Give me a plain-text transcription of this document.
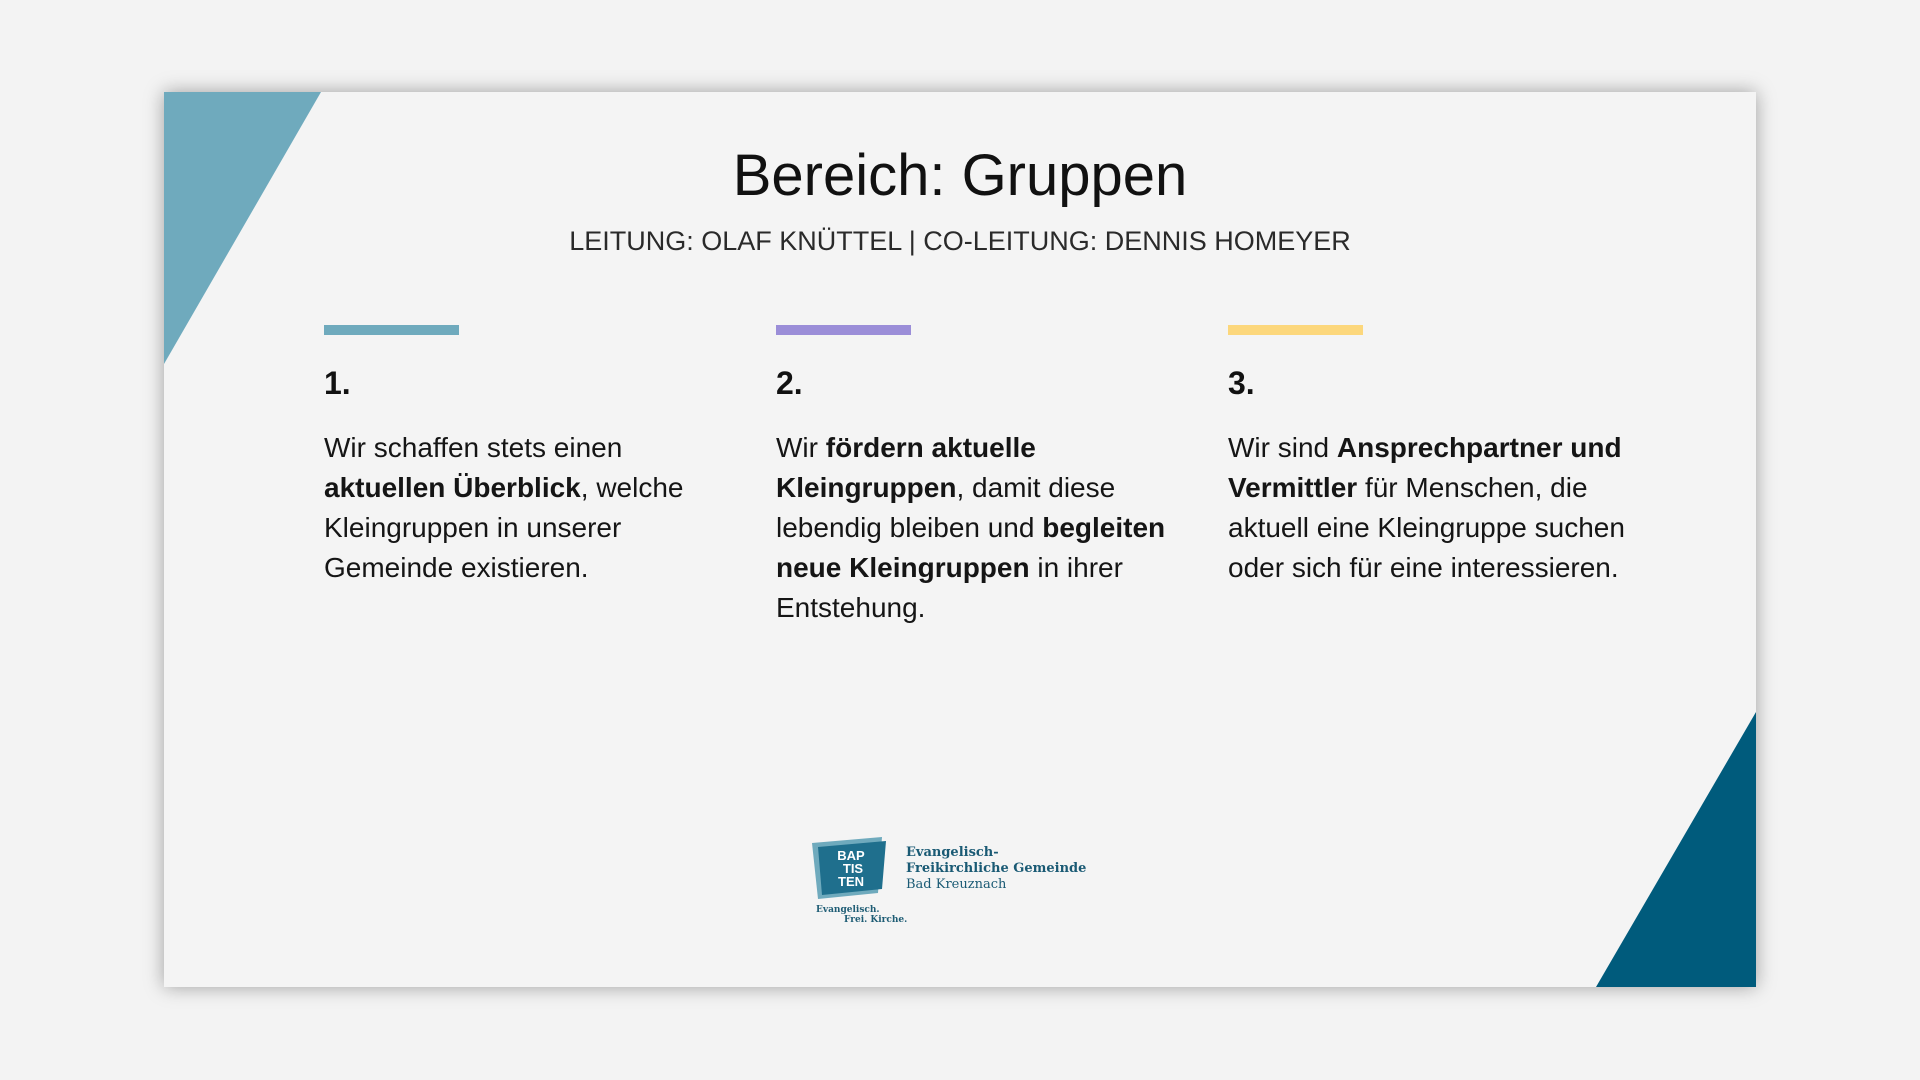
Bereich: Gruppen

LEITUNG: OLAF KNÜTTEL | CO-LEITUNG: DENNIS HOMEYER

1.
Wir schaffen stets einen aktuellen Überblick, welche Kleingruppen in unserer Gemeinde existieren.
2.
Wir fördern aktuelle Kleingruppen, damit diese lebendig bleiben und begleiten neue Kleingruppen in ihrer Entstehung.
3.
Wir sind Ansprechpartner und Vermittler für Menschen, die aktuell eine Kleingruppe suchen oder sich für eine interessieren.
BAP
TIS
TEN
Evangelisch.
Frei. Kirche.
Evangelisch-
Freikirchliche Gemeinde
Bad Kreuznach
